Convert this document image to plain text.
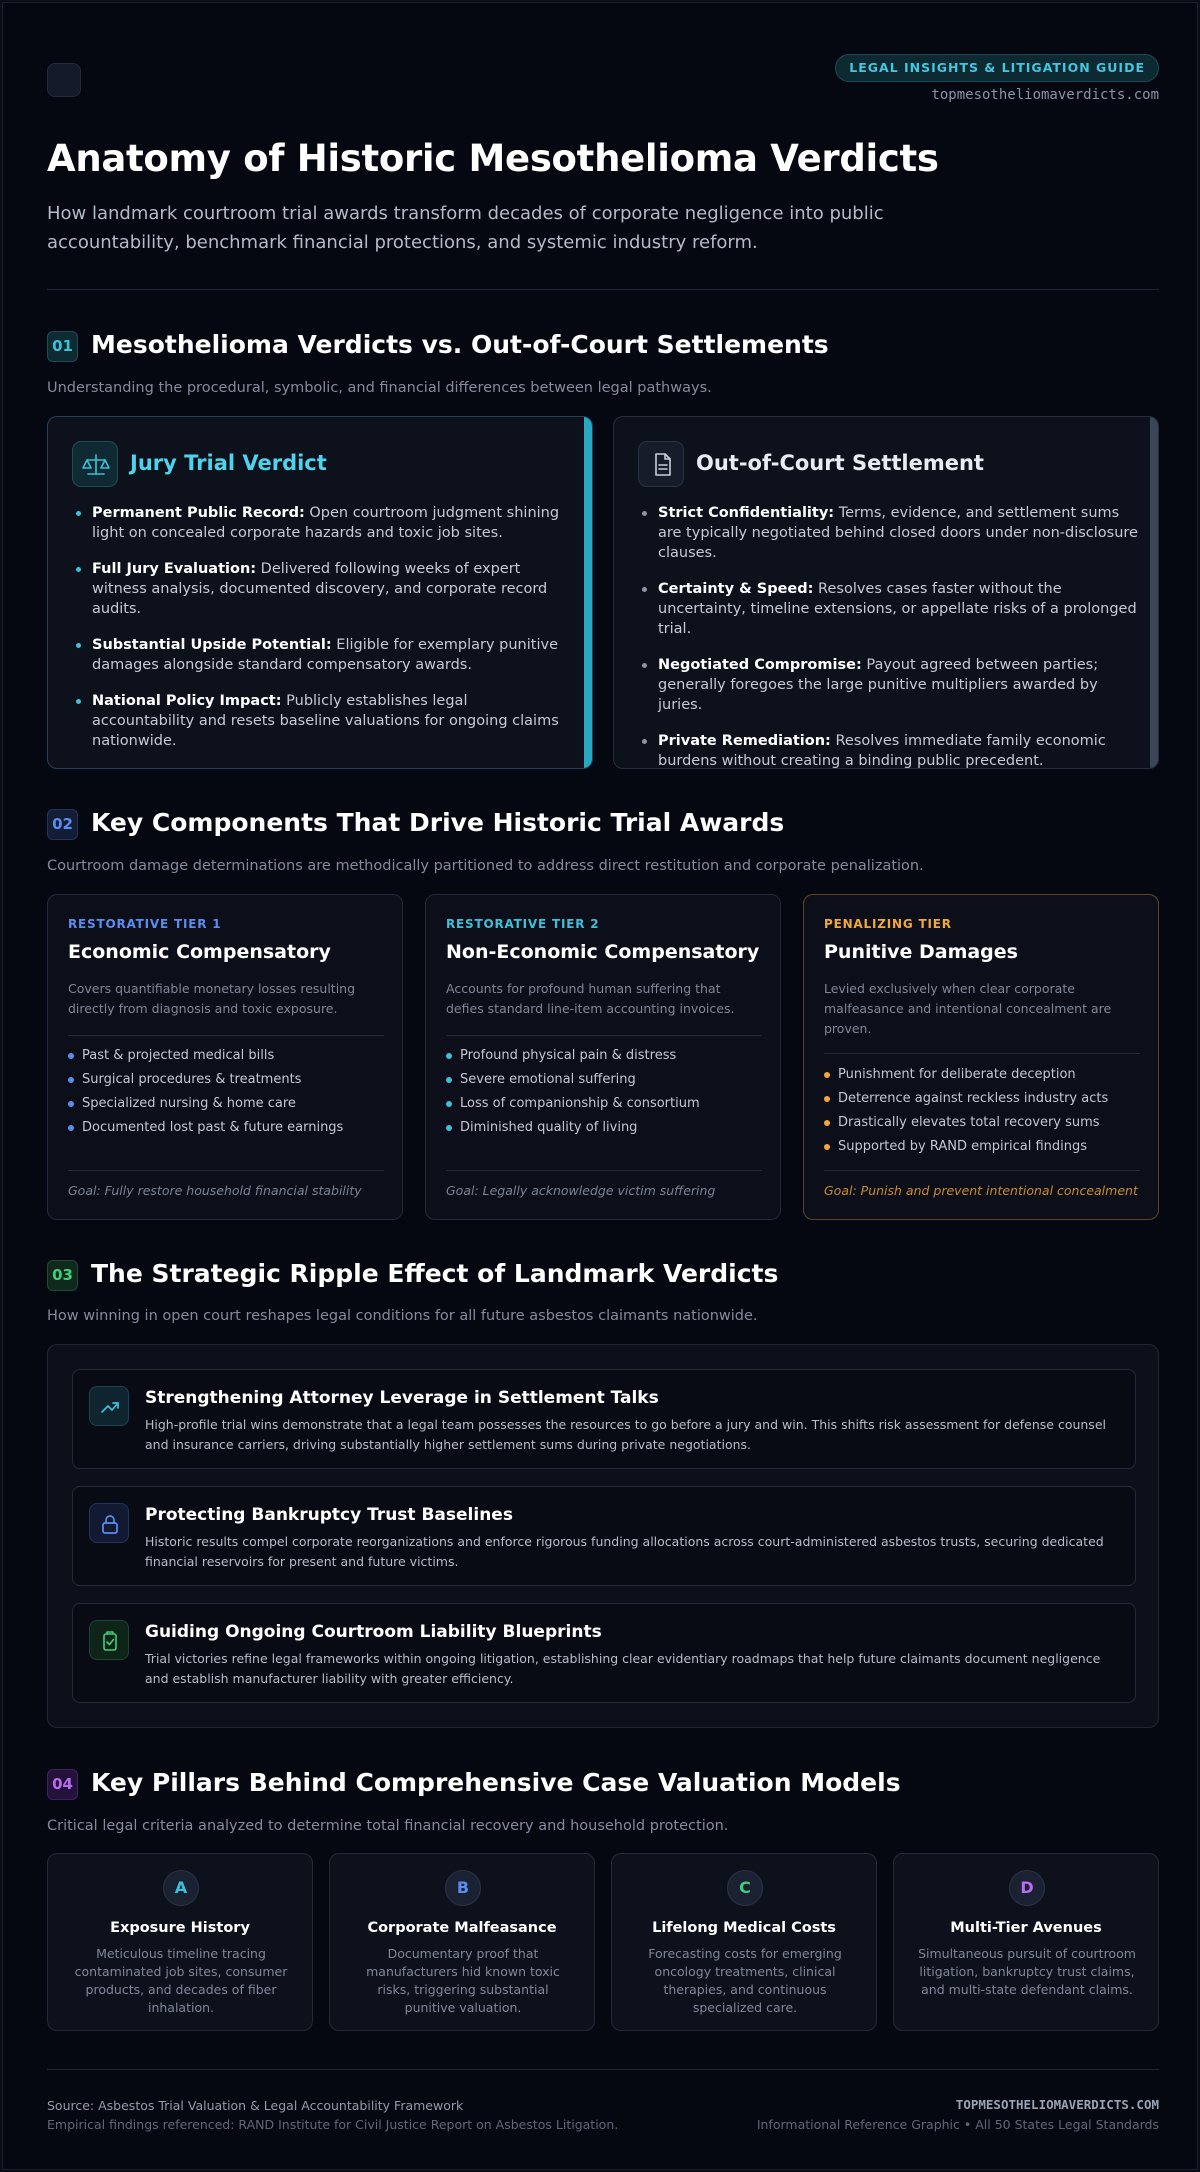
LEGAL INSIGHTS & LITIGATION GUIDE
topmesotheliomaverdicts.com
Anatomy of Historic Mesothelioma Verdicts

How landmark courtroom trial awards transform decades of corporate negligence into public accountability, benchmark financial protections, and systemic industry reform.

01 Mesothelioma Verdicts vs. Out-of-Court Settlements

Understanding the procedural, symbolic, and financial differences between legal pathways.

Jury Trial Verdict
Permanent Public Record: Open courtroom judgment shining light on concealed corporate hazards and toxic job sites.
Full Jury Evaluation: Delivered following weeks of expert witness analysis, documented discovery, and corporate record audits.
Substantial Upside Potential: Eligible for exemplary punitive damages alongside standard compensatory awards.
National Policy Impact: Publicly establishes legal accountability and resets baseline valuations for ongoing claims nationwide.
Out-of-Court Settlement
Strict Confidentiality: Terms, evidence, and settlement sums are typically negotiated behind closed doors under non-disclosure clauses.
Certainty & Speed: Resolves cases faster without the uncertainty, timeline extensions, or appellate risks of a prolonged trial.
Negotiated Compromise: Payout agreed between parties; generally foregoes the large punitive multipliers awarded by juries.
Private Remediation: Resolves immediate family economic burdens without creating a binding public precedent.
02 Key Components That Drive Historic Trial Awards

Courtroom damage determinations are methodically partitioned to address direct restitution and corporate penalization.

RESTORATIVE TIER 1
Economic Compensatory
Covers quantifiable monetary losses resulting directly from diagnosis and toxic exposure.
Past & projected medical bills
Surgical procedures & treatments
Specialized nursing & home care
Documented lost past & future earnings
Goal: Fully restore household financial stability
RESTORATIVE TIER 2
Non-Economic Compensatory
Accounts for profound human suffering that defies standard line-item accounting invoices.
Profound physical pain & distress
Severe emotional suffering
Loss of companionship & consortium
Diminished quality of living
Goal: Legally acknowledge victim suffering
PENALIZING TIER
Punitive Damages
Levied exclusively when clear corporate malfeasance and intentional concealment are proven.
Punishment for deliberate deception
Deterrence against reckless industry acts
Drastically elevates total recovery sums
Supported by RAND empirical findings
Goal: Punish and prevent intentional concealment
03 The Strategic Ripple Effect of Landmark Verdicts

How winning in open court reshapes legal conditions for all future asbestos claimants nationwide.

Strengthening Attorney Leverage in Settlement Talks
High-profile trial wins demonstrate that a legal team possesses the resources to go before a jury and win. This shifts risk assessment for defense counsel and insurance carriers, driving substantially higher settlement sums during private negotiations.
Protecting Bankruptcy Trust Baselines
Historic results compel corporate reorganizations and enforce rigorous funding allocations across court-administered asbestos trusts, securing dedicated financial reservoirs for present and future victims.
Guiding Ongoing Courtroom Liability Blueprints
Trial victories refine legal frameworks within ongoing litigation, establishing clear evidentiary roadmaps that help future claimants document negligence and establish manufacturer liability with greater efficiency.
04 Key Pillars Behind Comprehensive Case Valuation Models

Critical legal criteria analyzed to determine total financial recovery and household protection.

A
Exposure History
Meticulous timeline tracing contaminated job sites, consumer products, and decades of fiber inhalation.
B
Corporate Malfeasance
Documentary proof that manufacturers hid known toxic risks, triggering substantial punitive valuation.
C
Lifelong Medical Costs
Forecasting costs for emerging oncology treatments, clinical therapies, and continuous specialized care.
D
Multi-Tier Avenues
Simultaneous pursuit of courtroom litigation, bankruptcy trust claims, and multi-state defendant claims.
Source: Asbestos Trial Valuation & Legal Accountability Framework
Empirical findings referenced: RAND Institute for Civil Justice Report on Asbestos Litigation.
TOPMESOTHELIOMAVERDICTS.COM
Informational Reference Graphic • All 50 States Legal Standards
